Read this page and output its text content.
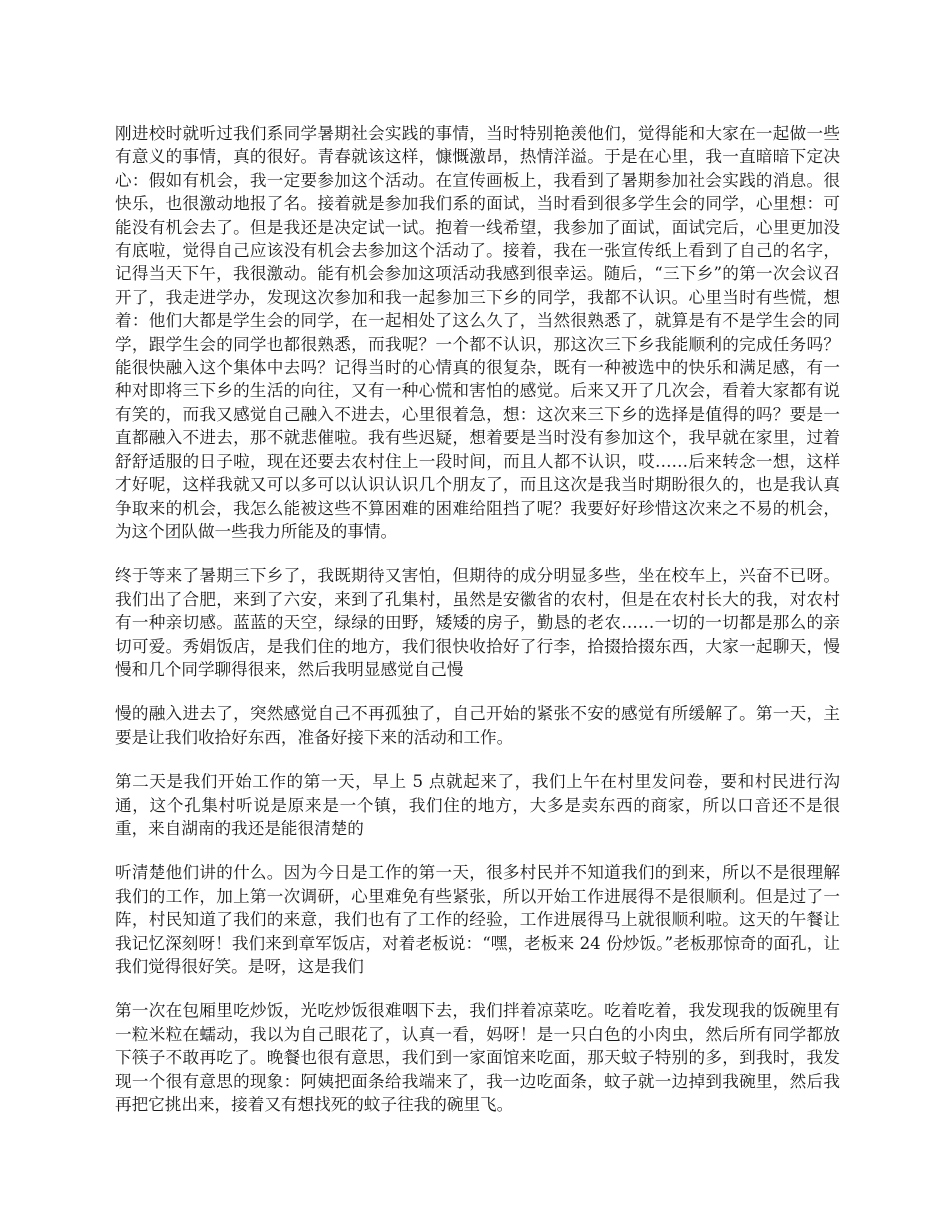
刚进校时就听过我们系同学暑期社会实践的事情，当时特别艳羡他们，觉得能和大家在一起做一些有意义的事情，真的很好。青春就该这样，慷慨激昂，热情洋溢。于是在心里，我一直暗暗下定决心：假如有机会，我一定要参加这个活动。在宣传画板上，我看到了暑期参加社会实践的消息。很快乐，也很激动地报了名。接着就是参加我们系的面试，当时看到很多学生会的同学，心里想：可能没有机会去了。但是我还是决定试一试。抱着一线希望，我参加了面试，面试完后，心里更加没有底啦，觉得自己应该没有机会去参加这个活动了。接着，我在一张宣传纸上看到了自己的名字，记得当天下午，我很激动。能有机会参加这项活动我感到很幸运。随后，“三下乡”的第一次会议召开了，我走进学办，发现这次参加和我一起参加三下乡的同学，我都不认识。心里当时有些慌，想着：他们大都是学生会的同学，在一起相处了这么久了，当然很熟悉了，就算是有不是学生会的同学，跟学生会的同学也都很熟悉，而我呢？一个都不认识，那这次三下乡我能顺利的完成任务吗？能很快融入这个集体中去吗？记得当时的心情真的很复杂，既有一种被选中的快乐和满足感，有一种对即将三下乡的生活的向往，又有一种心慌和害怕的感觉。后来又开了几次会，看着大家都有说有笑的，而我又感觉自己融入不进去，心里很着急，想：这次来三下乡的选择是值得的吗？要是一直都融入不进去，那不就悲催啦。我有些迟疑，想着要是当时没有参加这个，我早就在家里，过着舒舒适服的日子啦，现在还要去农村住上一段时间，而且人都不认识，哎……后来转念一想，这样才好呢，这样我就又可以多可以认识认识几个朋友了，而且这次是我当时期盼很久的，也是我认真争取来的机会，我怎么能被这些不算困难的困难给阻挡了呢？我要好好珍惜这次来之不易的机会，为这个团队做一些我力所能及的事情。

终于等来了暑期三下乡了，我既期待又害怕，但期待的成分明显多些，坐在校车上，兴奋不已呀。我们出了合肥，来到了六安，来到了孔集村，虽然是安徽省的农村，但是在农村长大的我，对农村有一种亲切感。蓝蓝的天空，绿绿的田野，矮矮的房子，勤恳的老农……一切的一切都是那么的亲切可爱。秀娟饭店，是我们住的地方，我们很快收拾好了行李，拾掇拾掇东西，大家一起聊天，慢慢和几个同学聊得很来，然后我明显感觉自己慢

慢的融入进去了，突然感觉自己不再孤独了，自己开始的紧张不安的感觉有所缓解了。第一天，主要是让我们收拾好东西，准备好接下来的活动和工作。

第二天是我们开始工作的第一天，早上 5 点就起来了，我们上午在村里发问卷，要和村民进行沟通，这个孔集村听说是原来是一个镇，我们住的地方，大多是卖东西的商家，所以口音还不是很重，来自湖南的我还是能很清楚的

听清楚他们讲的什么。因为今日是工作的第一天，很多村民并不知道我们的到来，所以不是很理解我们的工作，加上第一次调研，心里难免有些紧张，所以开始工作进展得不是很顺利。但是过了一阵，村民知道了我们的来意，我们也有了工作的经验，工作进展得马上就很顺利啦。这天的午餐让我记忆深刻呀！我们来到章军饭店，对着老板说：“嘿，老板来 24 份炒饭。”老板那惊奇的面孔，让我们觉得很好笑。是呀，这是我们

第一次在包厢里吃炒饭，光吃炒饭很难咽下去，我们拌着凉菜吃。吃着吃着，我发现我的饭碗里有一粒米粒在蠕动，我以为自己眼花了，认真一看，妈呀！是一只白色的小肉虫，然后所有同学都放下筷子不敢再吃了。晚餐也很有意思，我们到一家面馆来吃面，那天蚊子特别的多，到我时，我发现一个很有意思的现象：阿姨把面条给我端来了，我一边吃面条，蚊子就一边掉到我碗里，然后我再把它挑出来，接着又有想找死的蚊子往我的碗里飞。
